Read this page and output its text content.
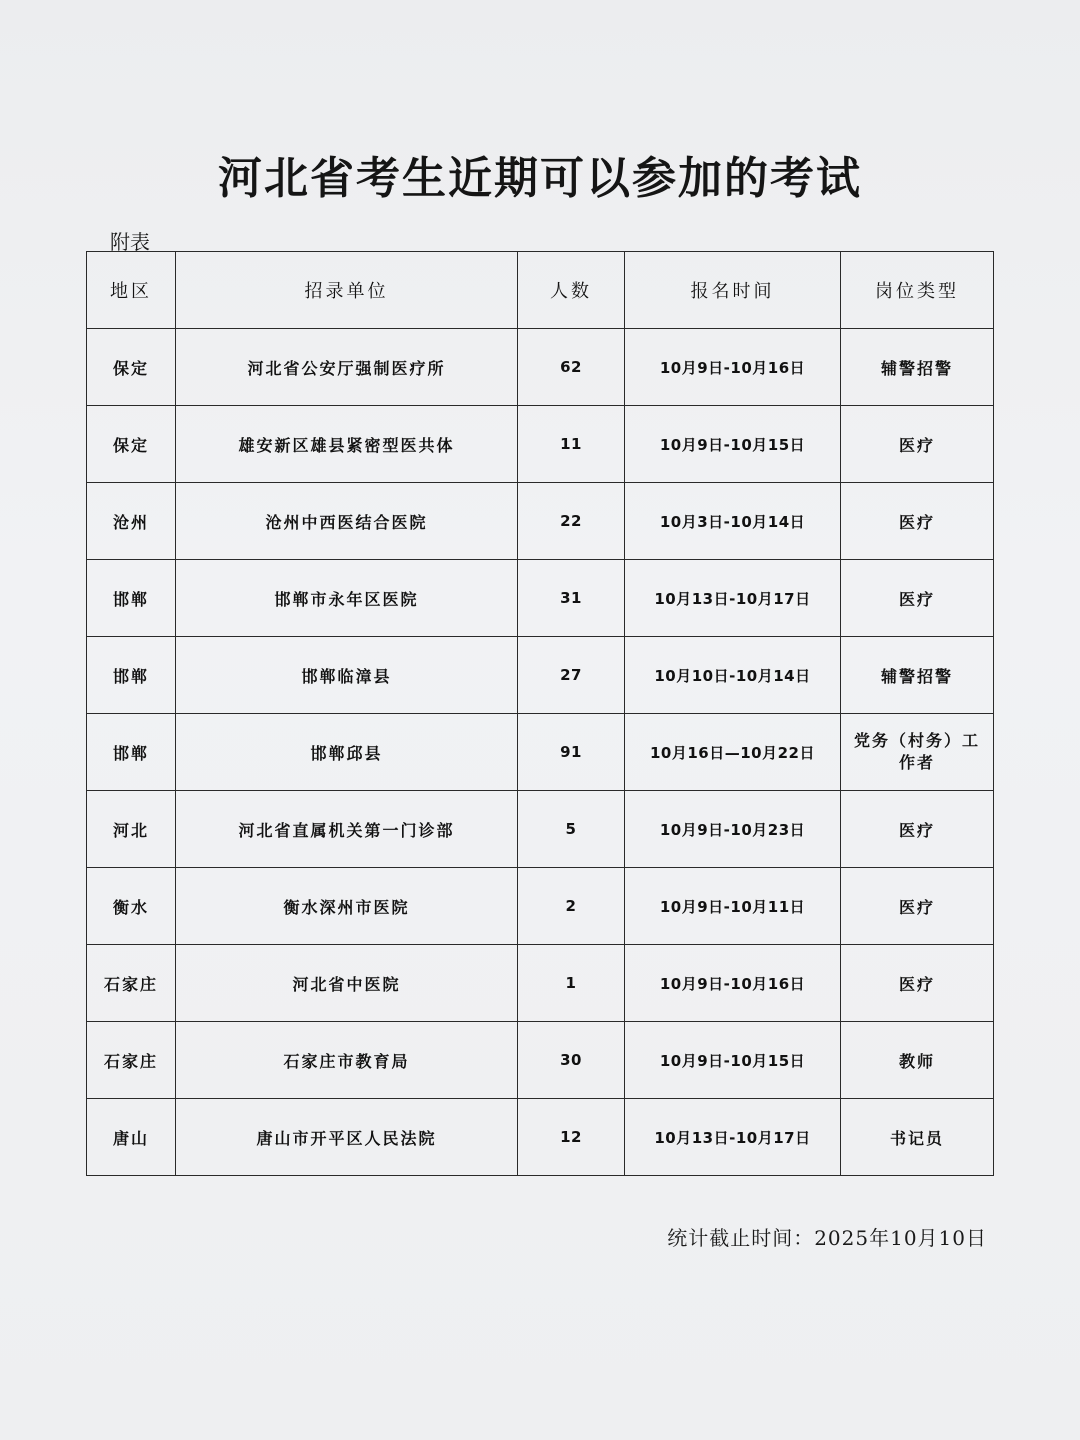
河北省考生近期可以参加的考试
附表
地区	招录单位	人数	报名时间	岗位类型
保定	河北省公安厅强制医疗所	62	10月9日-10月16日	辅警招警
保定	雄安新区雄县紧密型医共体	11	10月9日-10月15日	医疗
沧州	沧州中西医结合医院	22	10月3日-10月14日	医疗
邯郸	邯郸市永年区医院	31	10月13日-10月17日	医疗
邯郸	邯郸临漳县	27	10月10日-10月14日	辅警招警
邯郸	邯郸邱县	91	10月16日—10月22日	党务（村务）工作者
河北	河北省直属机关第一门诊部	5	10月9日-10月23日	医疗
衡水	衡水深州市医院	2	10月9日-10月11日	医疗
石家庄	河北省中医院	1	10月9日-10月16日	医疗
石家庄	石家庄市教育局	30	10月9日-10月15日	教师
唐山	唐山市开平区人民法院	12	10月13日-10月17日	书记员
统计截止时间：2025年10月10日
